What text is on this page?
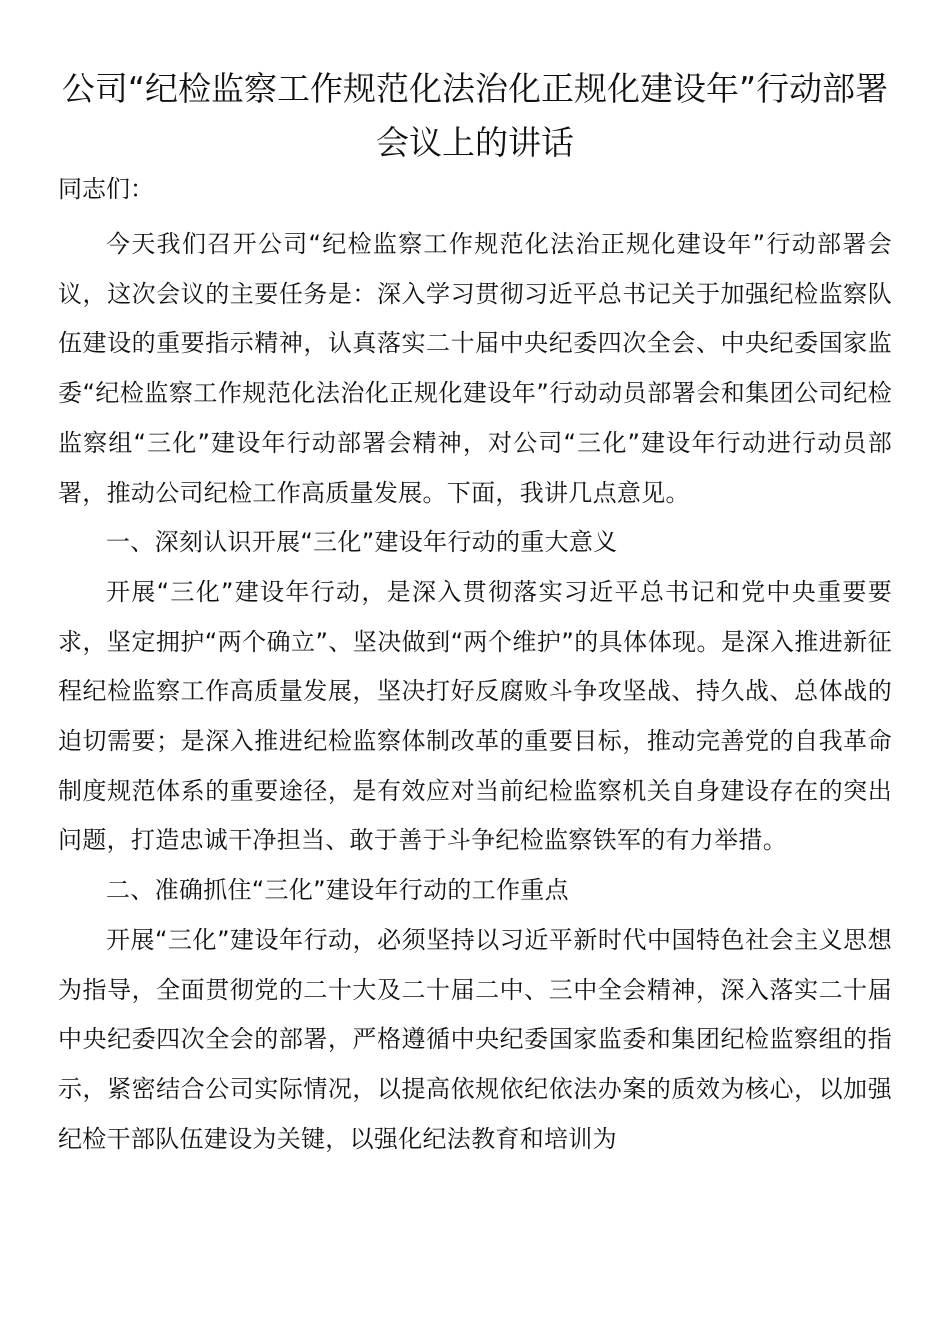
公司“纪检监察工作规范化法治化正规化建设年”行动部署会议上的讲话

同志们：

今天我们召开公司“纪检监察工作规范化法治正规化建设年”行动部署会议，这次会议的主要任务是：深入学习贯彻习近平总书记关于加强纪检监察队伍建设的重要指示精神，认真落实二十届中央纪委四次全会、中央纪委国家监委“纪检监察工作规范化法治化正规化建设年”行动动员部署会和集团公司纪检监察组“三化”建设年行动部署会精神，对公司“三化”建设年行动进行动员部署，推动公司纪检工作高质量发展。下面，我讲几点意见。

一、深刻认识开展“三化”建设年行动的重大意义

开展“三化”建设年行动，是深入贯彻落实习近平总书记和党中央重要要求，坚定拥护“两个确立”、坚决做到“两个维护”的具体体现。是深入推进新征程纪检监察工作高质量发展，坚决打好反腐败斗争攻坚战、持久战、总体战的迫切需要；是深入推进纪检监察体制改革的重要目标，推动完善党的自我革命制度规范体系的重要途径，是有效应对当前纪检监察机关自身建设存在的突出问题，打造忠诚干净担当、敢于善于斗争纪检监察铁军的有力举措。

二、准确抓住“三化”建设年行动的工作重点

开展“三化”建设年行动，必须坚持以习近平新时代中国特色社会主义思想为指导，全面贯彻党的二十大及二十届二中、三中全会精神，深入落实二十届中央纪委四次全会的部署，严格遵循中央纪委国家监委和集团纪检监察组的指示，紧密结合公司实际情况，以提高依规依纪依法办案的质效为核心，以加强纪检干部队伍建设为关键，以强化纪法教育和培训为
